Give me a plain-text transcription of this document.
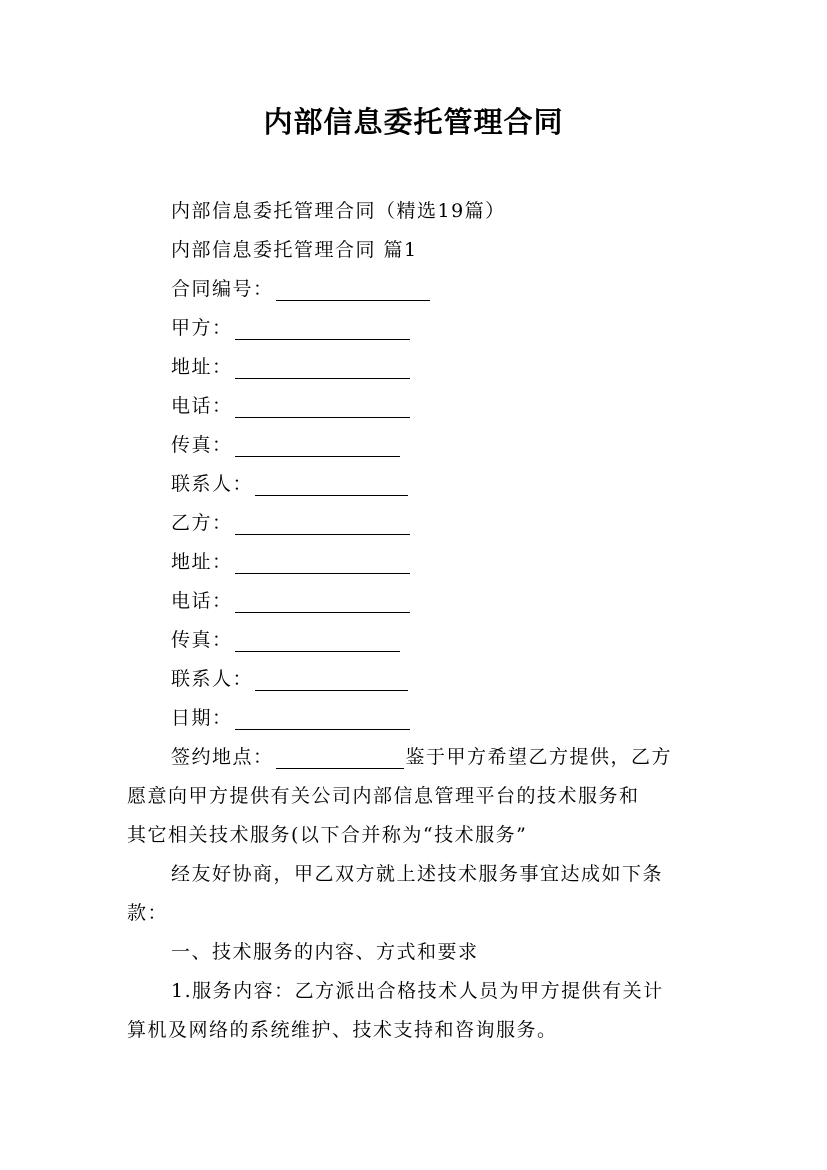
内部信息委托管理合同

内部信息委托管理合同（精选19篇）

内部信息委托管理合同 篇1

合同编号：

甲方：

地址：

电话：

传真：

联系人：

乙方：

地址：

电话：

传真：

联系人：

日期：

签约地点：	鉴于甲方希望乙方提供，乙方

愿意向甲方提供有关公司内部信息管理平台的技术服务和

其它相关技术服务(以下合并称为“技术服务”

经友好协商，甲乙双方就上述技术服务事宜达成如下条

款：

一、技术服务的内容、方式和要求

1.服务内容：乙方派出合格技术人员为甲方提供有关计

算机及网络的系统维护、技术支持和咨询服务。
